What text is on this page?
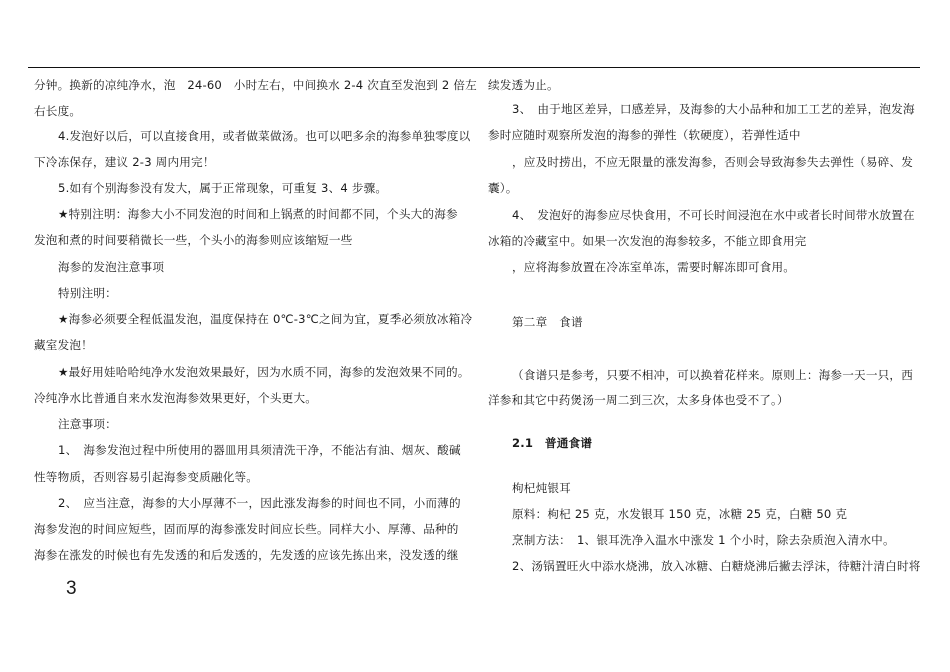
分钟。换新的凉纯净水，泡　24-60　小时左右，中间换水 2-4 次直至发泡到 2 倍左
右长度。
4.发泡好以后，可以直接食用，或者做菜做汤。也可以吧多余的海参单独零度以
下冷冻保存，建议 2-3 周内用完！
5.如有个别海参没有发大，属于正常现象，可重复 3、4 步骤。
★特别注明：海参大小不同发泡的时间和上锅煮的时间都不同，个头大的海参
发泡和煮的时间要稍微长一些，个头小的海参则应该缩短一些
海参的发泡注意事项
特别注明：
★海参必须要全程低温发泡，温度保持在 0℃-3℃之间为宜，夏季必须放冰箱冷
藏室发泡！
★最好用娃哈哈纯净水发泡效果最好，因为水质不同，海参的发泡效果不同的。
冷纯净水比普通自来水发泡海参效果更好，个头更大。
注意事项：
1、　海参发泡过程中所使用的器皿用具须清洗干净，不能沾有油、烟灰、酸碱
性等物质，否则容易引起海参变质融化等。
2、　应当注意，海参的大小厚薄不一，因此涨发海参的时间也不同，小而薄的
海参发泡的时间应短些，固而厚的海参涨发时间应长些。同样大小、厚薄、品种的
海参在涨发的时候也有先发透的和后发透的，先发透的应该先拣出来，没发透的继
3
续发透为止。
3、　由于地区差异，口感差异，及海参的大小品种和加工工艺的差异，泡发海
参时应随时观察所发泡的海参的弹性（软硬度），若弹性适中
，应及时捞出，不应无限量的涨发海参，否则会导致海参失去弹性（易碎、发
囊）。
4、　发泡好的海参应尽快食用，不可长时间浸泡在水中或者长时间带水放置在
冰箱的冷藏室中。如果一次发泡的海参较多，不能立即食用完
，应将海参放置在冷冻室单冻，需要时解冻即可食用。
第二章　食谱
（食谱只是参考，只要不相冲，可以换着花样来。原则上：海参一天一只，西
洋参和其它中药煲汤一周二到三次，太多身体也受不了。）
2.1　普通食谱
枸杞炖银耳
原料：枸杞 25 克，水发银耳 150 克，冰糖 25 克，白糖 50 克
烹制方法：　1、银耳洗净入温水中涨发 1 个小时，除去杂质泡入清水中。
2、汤锅置旺火中添水烧沸，放入冰糖、白糖烧沸后撇去浮沫，待糖汁清白时将
